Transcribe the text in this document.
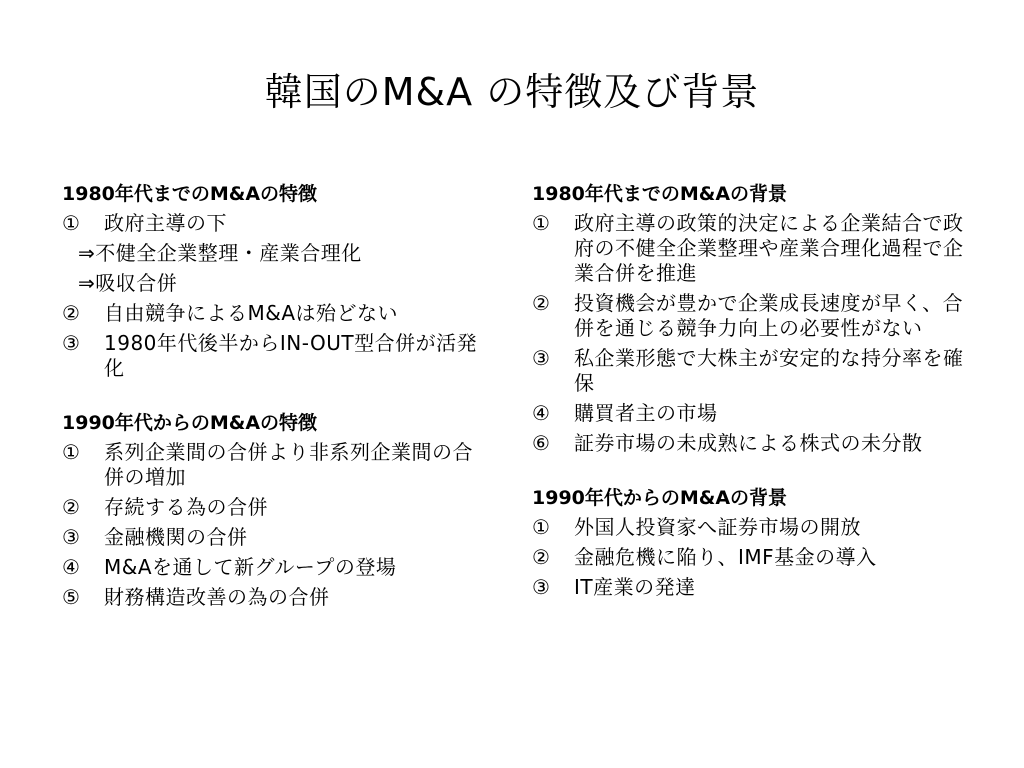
韓国のM&A の特徴及び背景
1980年代までのM&Aの特徴
①	政府主導の下
⇒不健全企業整理・産業合理化
⇒吸収合併
②	自由競争によるM&Aは殆どない
③	1980年代後半からIN-OUT型合併が活発化
1990年代からのM&Aの特徴
①	系列企業間の合併より非系列企業間の合併の増加
②	存続する為の合併
③	金融機関の合併
④	M&Aを通して新グループの登場
⑤	財務構造改善の為の合併
1980年代までのM&Aの背景
①	政府主導の政策的決定による企業結合で政府の不健全企業整理や産業合理化過程で企業合併を推進
②	投資機会が豊かで企業成長速度が早く、合併を通じる競争力向上の必要性がない
③	私企業形態で大株主が安定的な持分率を確保
④	購買者主の市場
⑥	証券市場の未成熟による株式の未分散
1990年代からのM&Aの背景
①	外国人投資家へ証券市場の開放
②	金融危機に陥り、IMF基金の導入
③	IT産業の発達
